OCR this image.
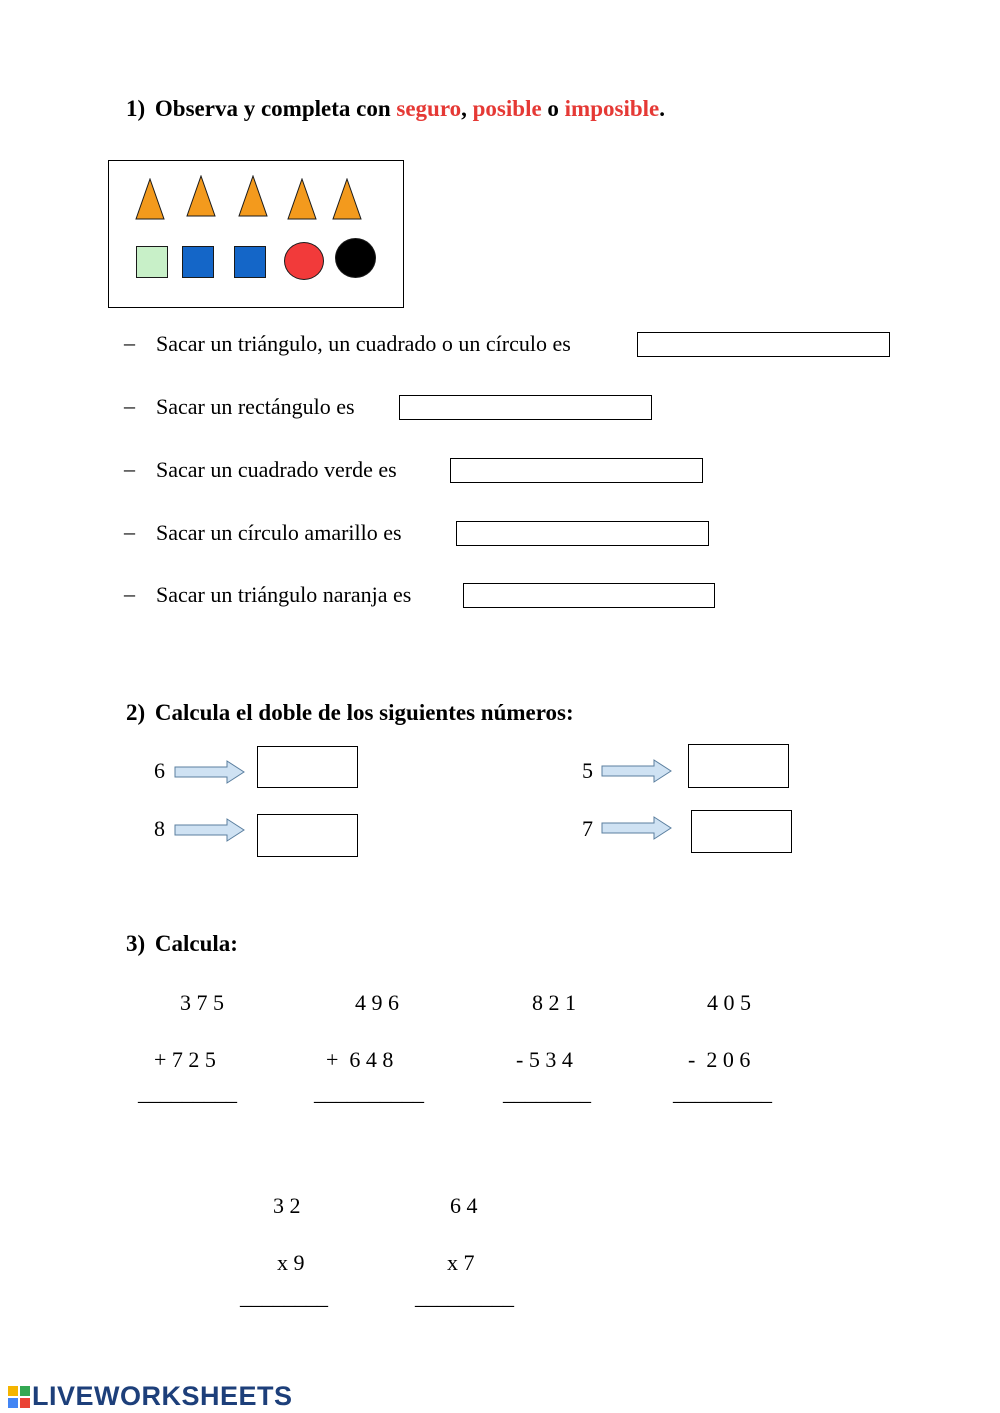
1) Observa y completa con seguro, posible o imposible.
– Sacar un triángulo, un cuadrado o un círculo es
– Sacar un rectángulo es
– Sacar un cuadrado verde es
– Sacar un círculo amarillo es
– Sacar un triángulo naranja es
2) Calcula el doble de los siguientes números:
6
8
5
7
3) Calcula:
3 7 5
+ 7 2 5
_________
4 9 6
+  6 4 8
__________
8 2 1
- 5 3 4
________
4 0 5
-  2 0 6
_________
3 2
x 9
________
6 4
x 7
_________
LIVEWORKSHEETS
